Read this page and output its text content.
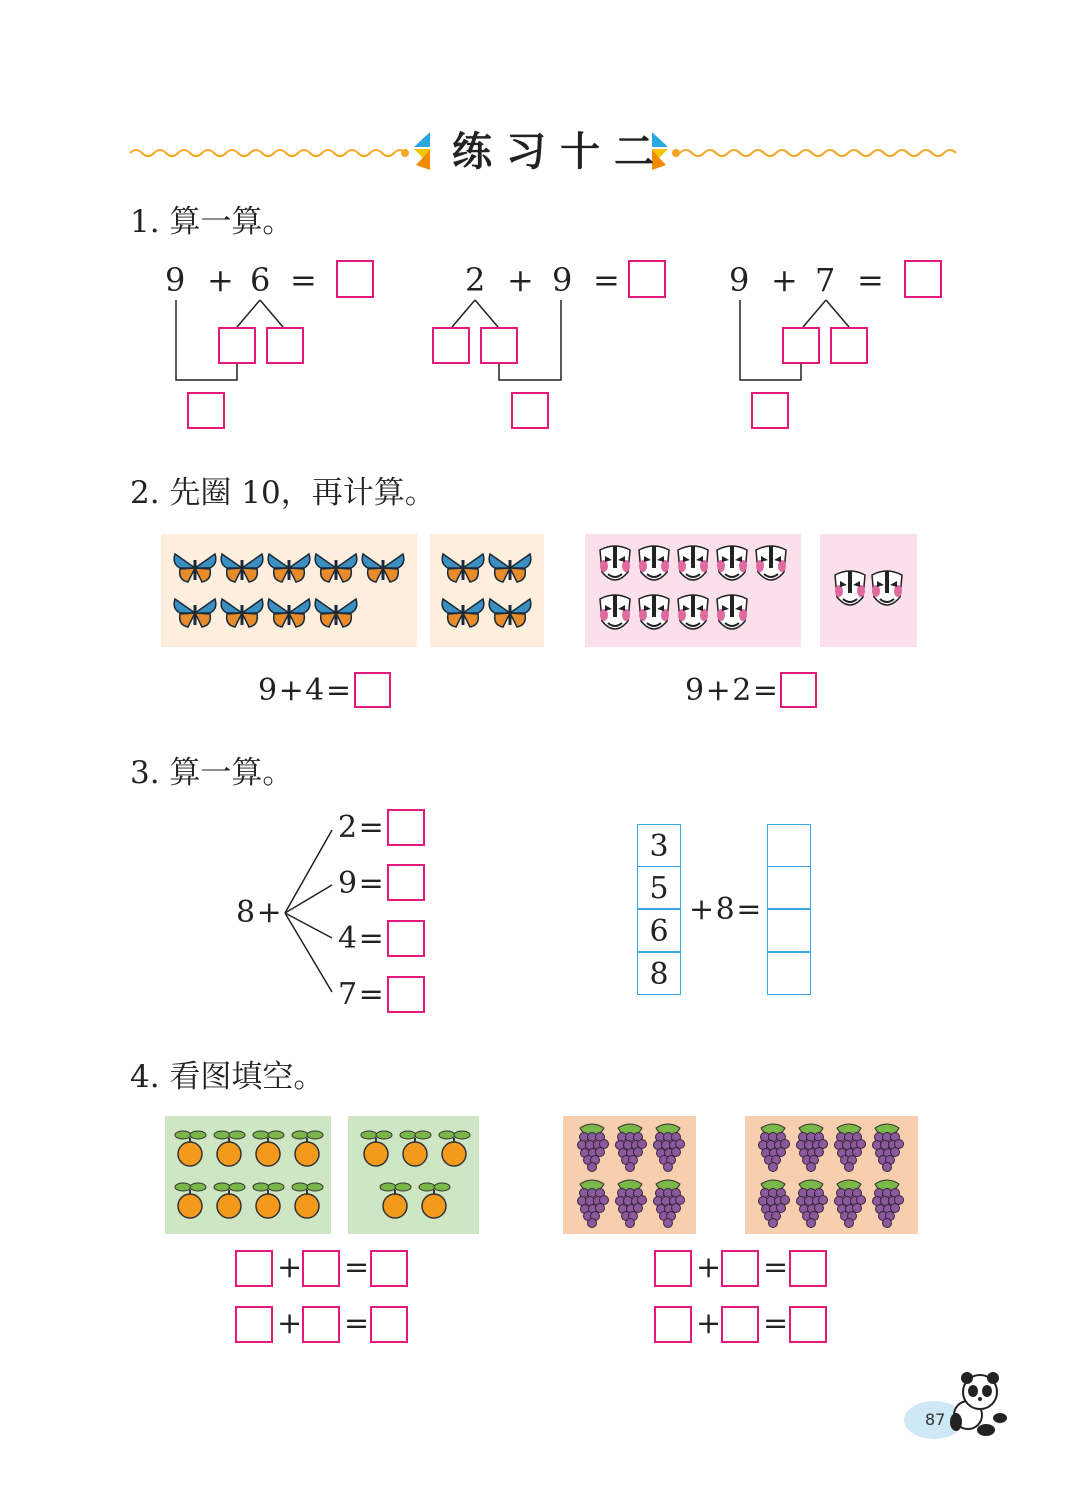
练习十二
1. 算一算。
9 + 6 =	2 + 9 =	9 + 7 =
2. 先圈 10，再计算。
9 + 4 =	9 + 2 =
3. 算一算。
8 +
2 =
9 =
4 =
7 =
3
5
6
8
+ 8 =
4. 看图填空。
+ =
+ =
+ =
+ =
87
